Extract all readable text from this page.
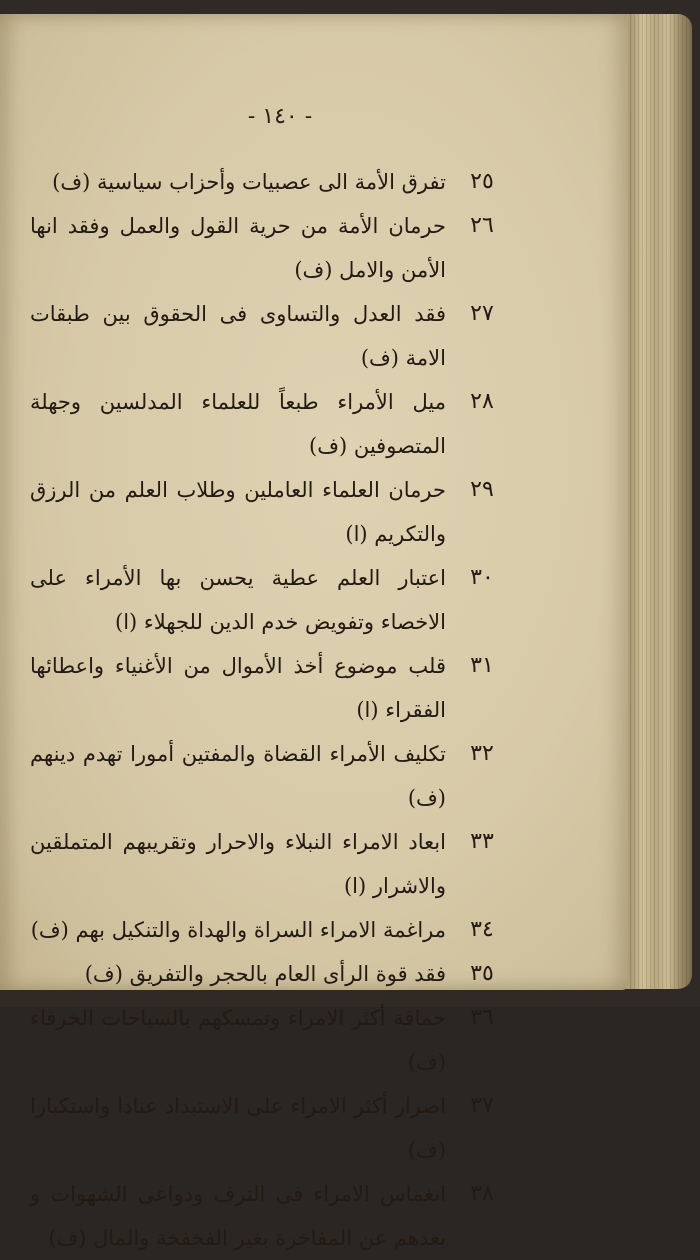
- ١٤٠ -
٢٥
تفرق الأمة الى عصبيات وأحزاب سياسية (ف)
٢٦
حرمان الأمة من حرية القول والعمل وفقد انها الأمن والامل (ف)
٢٧
فقد العدل والتساوى فى الحقوق بين طبقات الامة (ف)
٢٨
ميل الأمراء طبعاً للعلماء المدلسين وجهلة المتصوفين (ف)
٢٩
حرمان العلماء العاملين وطلاب العلم من الرزق والتكريم (ا)
٣٠
اعتبار العلم عطية يحسن بها الأمراء على الاخصاء وتفويض خدم الدين للجهلاء (ا)
٣١
قلب موضوع أخذ الأموال من الأغنياء واعطائها الفقراء (ا)
٣٢
تكليف الأمراء القضاة والمفتين أمورا تهدم دينهم (ف)
٣٣
ابعاد الامراء النبلاء والاحرار وتقريبهم المتملقين والاشرار (ا)
٣٤
مراغمة الامراء السراة والهداة والتنكيل بهم (ف)
٣٥
فقد قوة الرأى العام بالحجر والتفريق (ف)
٣٦
حماقة أكثر الامراء وتمسكهم بالسياحات الخرقاء (ف)
٣٧
اصرار أكثر الامراء على الاستبداد عنادا واستكبارا (ف)
٣٨
انغماس الامراء فى الترف ودواعى الشهوات و بعدهم عن المفاخرة بغير الفخفخة والمال (ف)
